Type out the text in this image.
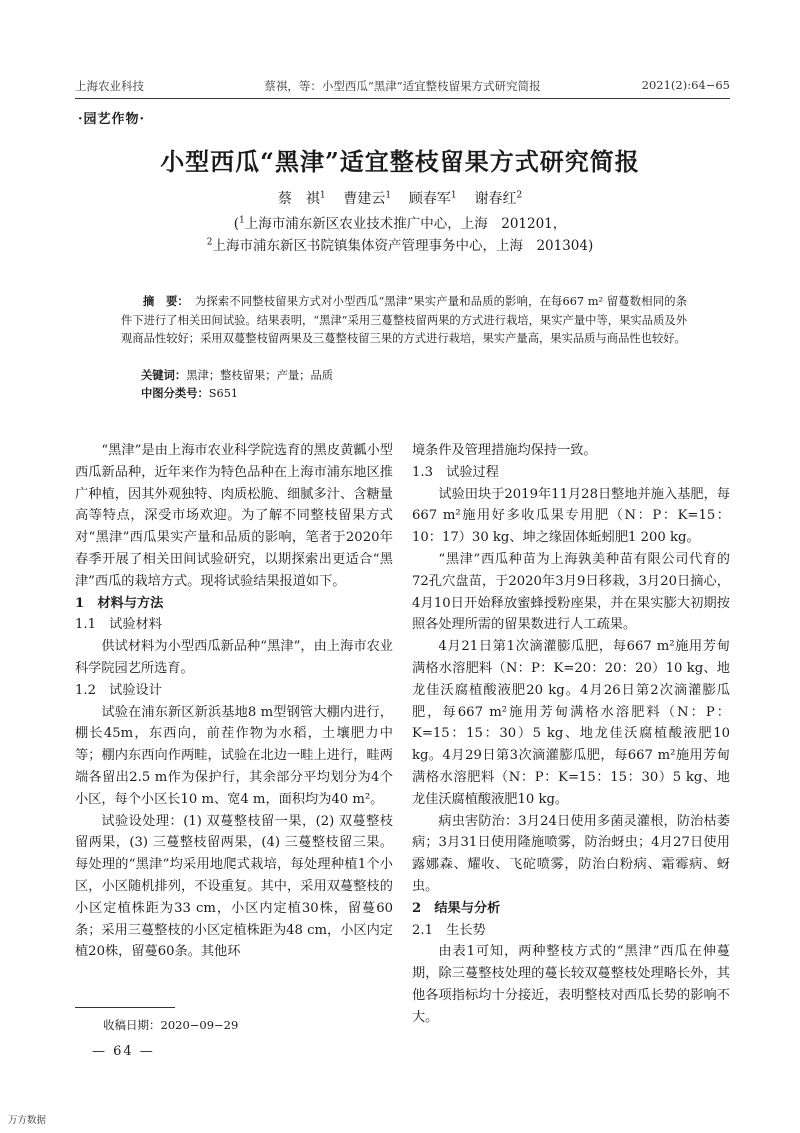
上海农业科技	蔡祺，等：小型西瓜“黑津”适宜整枝留果方式研究简报	2021(2):64−65
·园艺作物·
小型西瓜“黑津”适宜整枝留果方式研究简报
蔡　祺$^1$ 曹建云$^1$ 顾春军$^1$ 谢春红$^2$
($^1$上海市浦东新区农业技术推广中心，上海　201201，
$^2$上海市浦东新区书院镇集体资产管理事务中心，上海　201304)
摘　要： 为探索不同整枝留果方式对小型西瓜“黑津”果实产量和品质的影响，在每667 m² 留蔓数相同的条件下进行了相关田间试验。结果表明，“黑津”采用三蔓整枝留两果的方式进行栽培，果实产量中等，果实品质及外观商品性较好；采用双蔓整枝留两果及三蔓整枝留三果的方式进行栽培，果实产量高，果实品质与商品性也较好。
关键词：黑津；整枝留果；产量；品质
中图分类号：S651

“黑津”是由上海市农业科学院选育的黑皮黄瓤小型西瓜新品种，近年来作为特色品种在上海市浦东地区推广种植，因其外观独特、肉质松脆、细腻多汁、含糖量高等特点，深受市场欢迎。为了解不同整枝留果方式对“黑津”西瓜果实产量和品质的影响，笔者于2020年春季开展了相关田间试验研究，以期探索出更适合“黑津”西瓜的栽培方式。现将试验结果报道如下。

1　材料与方法

1.1　试验材料

供试材料为小型西瓜新品种“黑津”，由上海市农业科学院园艺所选育。

1.2　试验设计

试验在浦东新区新浜基地8 m型钢管大棚内进行，棚长45m，东西向，前茬作物为水稻，土壤肥力中等；棚内东西向作两畦，试验在北边一畦上进行，畦两端各留出2.5 m作为保护行，其余部分平均划分为4个小区，每个小区长10 m、宽4 m，面积均为40 m²。

试验设处理：(1) 双蔓整枝留一果，(2) 双蔓整枝留两果，(3) 三蔓整枝留两果，(4) 三蔓整枝留三果。每处理的“黑津”均采用地爬式栽培，每处理种植1个小区，小区随机排列，不设重复。其中，采用双蔓整枝的小区定植株距为33 cm，小区内定植30株，留蔓60条；采用三蔓整枝的小区定植株距为48 cm，小区内定植20株，留蔓60条。其他环

境条件及管理措施均保持一致。

1.3　试验过程

试验田块于2019年11月28日整地并施入基肥，每667 m²施用好多收瓜果专用肥（N：P：K=15：10：17）30 kg、坤之缘固体蚯蚓肥1 200 kg。

“黑津”西瓜种苗为上海孰美种苗有限公司代育的72孔穴盘苗，于2020年3月9日移栽，3月20日摘心，4月10日开始释放蜜蜂授粉座果，并在果实膨大初期按照各处理所需的留果数进行人工疏果。

4月21日第1次滴灌膨瓜肥，每667 m²施用芳甸满格水溶肥料（N：P：K=20：20：20）10 kg、地龙佳沃腐植酸液肥20 kg。4月26日第2次滴灌膨瓜肥，每667 m²施用芳甸满格水溶肥料（N：P：K=15：15：30）5 kg、地龙佳沃腐植酸液肥10 kg。4月29日第3次滴灌膨瓜肥，每667 m²施用芳甸满格水溶肥料（N：P：K=15：15：30）5 kg、地龙佳沃腐植酸液肥10 kg。

病虫害防治：3月24日使用多菌灵灌根，防治枯萎病；3月31日使用隆施喷雾，防治蚜虫；4月27日使用露娜森、耀收、飞砣喷雾，防治白粉病、霜霉病、蚜虫。

2　结果与分析

2.1　生长势

由表1可知，两种整枝方式的“黑津”西瓜在伸蔓期，除三蔓整枝处理的蔓长较双蔓整枝处理略长外，其他各项指标均十分接近，表明整枝对西瓜长势的影响不大。

收稿日期：2020−09−29
— 64 —
万方数据
